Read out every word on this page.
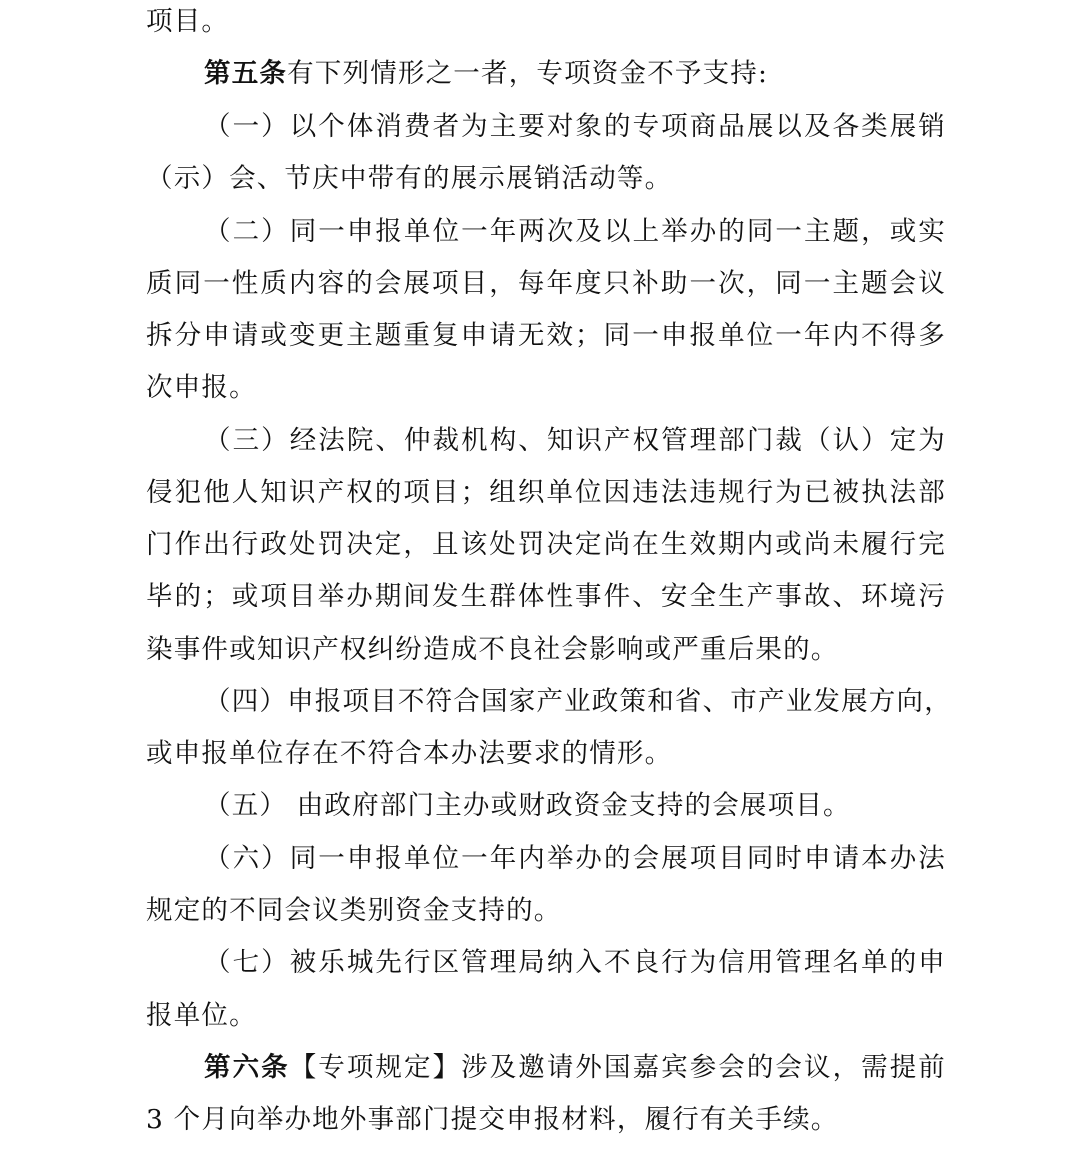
项目。
第五条有下列情形之一者，专项资金不予支持:
（一）以个体消费者为主要对象的专项商品展以及各类展销
（示）会、节庆中带有的展示展销活动等。
（二）同一申报单位一年两次及以上举办的同一主题，或实
质同一性质内容的会展项目，每年度只补助一次，同一主题会议
拆分申请或变更主题重复申请无效；同一申报单位一年内不得多
次申报。
（三）经法院、仲裁机构、知识产权管理部门裁（认）定为
侵犯他人知识产权的项目；组织单位因违法违规行为已被执法部
门作出行政处罚决定，且该处罚决定尚在生效期内或尚未履行完
毕的；或项目举办期间发生群体性事件、安全生产事故、环境污
染事件或知识产权纠纷造成不良社会影响或严重后果的。
（四）申报项目不符合国家产业政策和省、市产业发展方向，
或申报单位存在不符合本办法要求的情形。
（五） 由政府部门主办或财政资金支持的会展项目。
（六）同一申报单位一年内举办的会展项目同时申请本办法
规定的不同会议类别资金支持的。
（七）被乐城先行区管理局纳入不良行为信用管理名单的申
报单位。
第六条【专项规定】涉及邀请外国嘉宾参会的会议，需提前
3 个月向举办地外事部门提交申报材料，履行有关手续。
